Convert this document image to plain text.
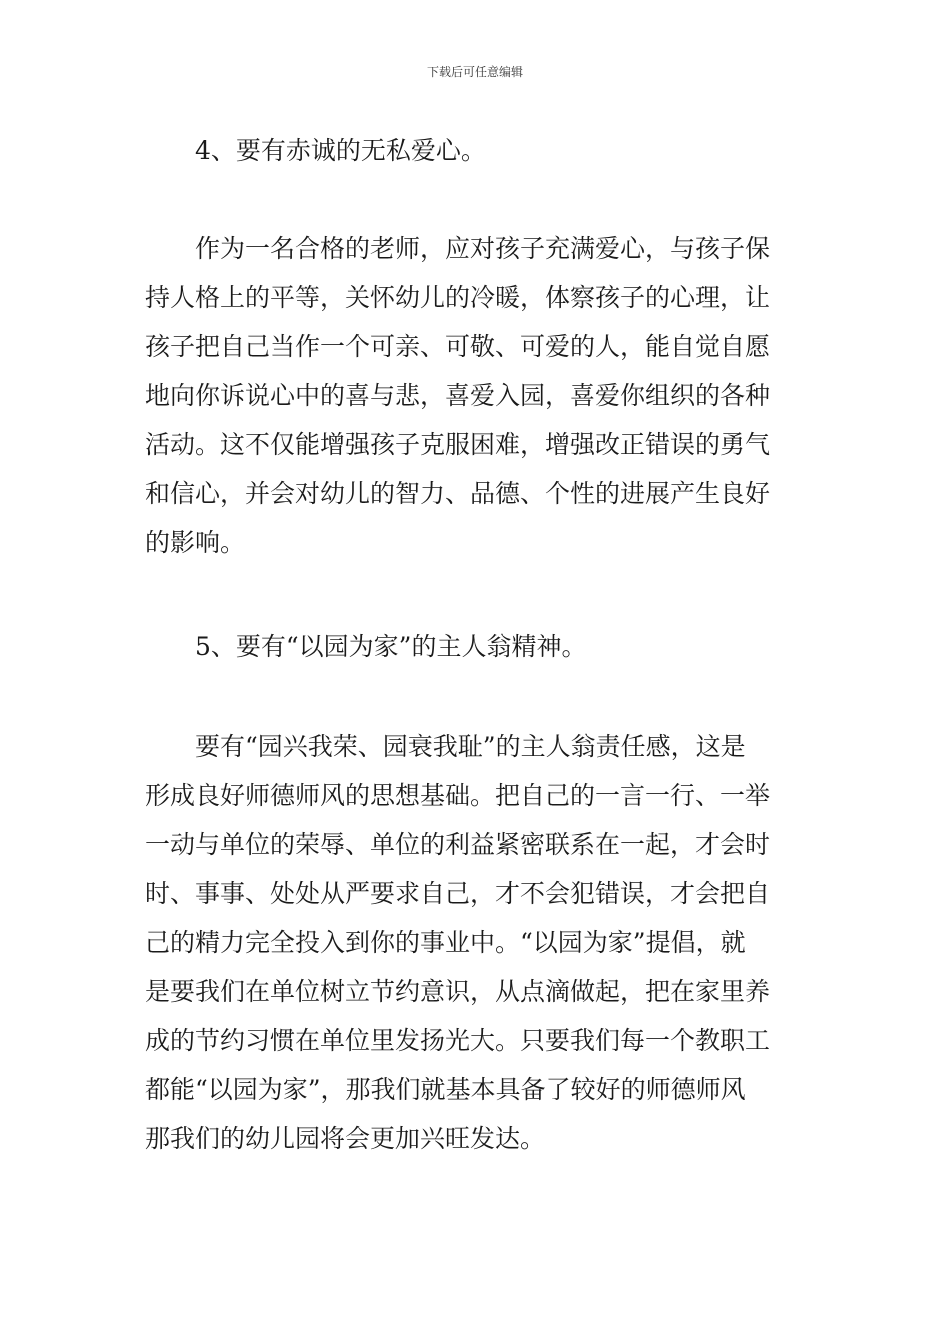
下载后可任意编辑
4、要有赤诚的无私爱心。
　　作为一名合格的老师，应对孩子充满爱心，与孩子保
持人格上的平等，关怀幼儿的冷暖，体察孩子的心理，让
孩子把自己当作一个可亲、可敬、可爱的人，能自觉自愿
地向你诉说心中的喜与悲，喜爱入园，喜爱你组织的各种
活动。这不仅能增强孩子克服困难，增强改正错误的勇气
和信心，并会对幼儿的智力、品德、个性的进展产生良好
的影响。
5、要有“以园为家”的主人翁精神。
　　要有“园兴我荣、园衰我耻”的主人翁责任感，这是
形成良好师德师风的思想基础。把自己的一言一行、一举
一动与单位的荣辱、单位的利益紧密联系在一起，才会时
时、事事、处处从严要求自己，才不会犯错误，才会把自
己的精力完全投入到你的事业中。“以园为家”提倡，就
是要我们在单位树立节约意识，从点滴做起，把在家里养
成的节约习惯在单位里发扬光大。只要我们每一个教职工
都能“以园为家”，那我们就基本具备了较好的师德师风
那我们的幼儿园将会更加兴旺发达。
